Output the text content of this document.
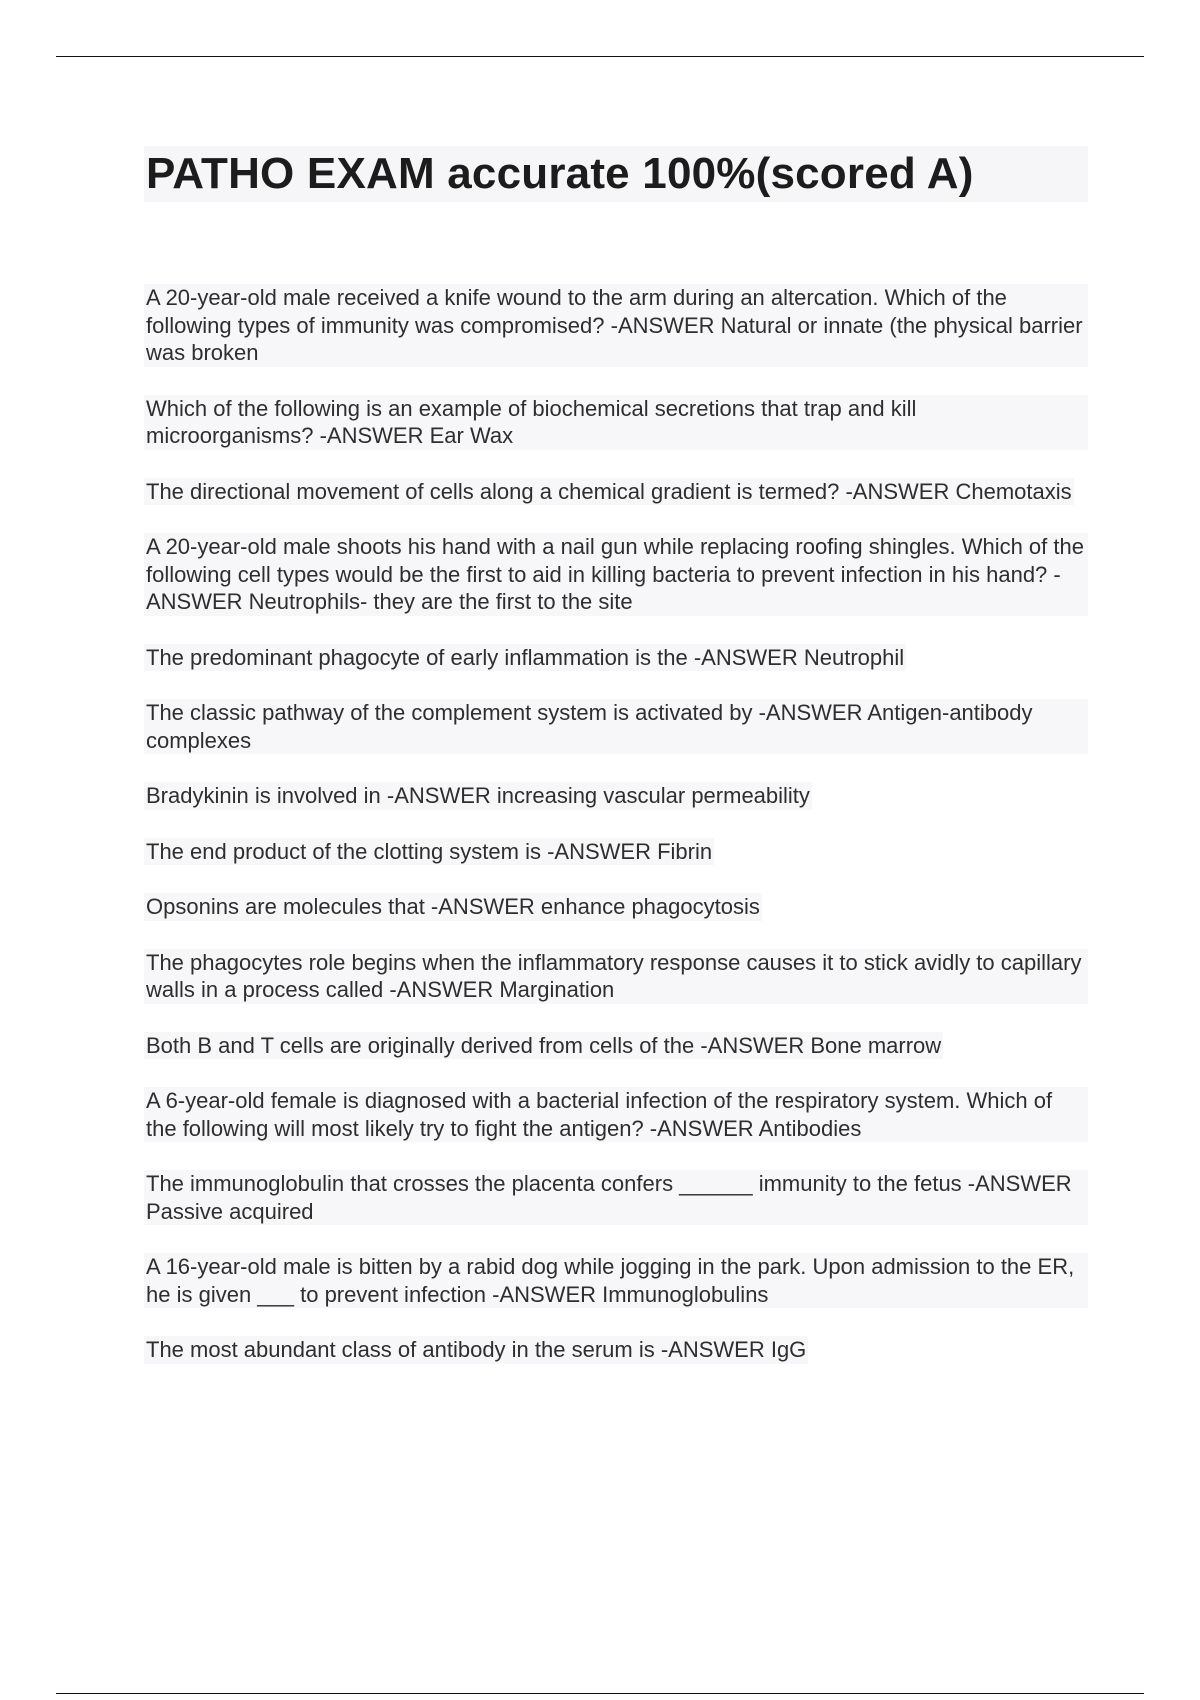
PATHO EXAM accurate 100%(scored A)

A 20-year-old male received a knife wound to the arm during an altercation. Which of the following types of immunity was compromised? -ANSWER Natural or innate (the physical barrier was broken

Which of the following is an example of biochemical secretions that trap and kill microorganisms? -ANSWER Ear Wax

The directional movement of cells along a chemical gradient is termed? -ANSWER Chemotaxis

A 20-year-old male shoots his hand with a nail gun while replacing roofing shingles. Which of the following cell types would be the first to aid in killing bacteria to prevent infection in his hand? -ANSWER Neutrophils- they are the first to the site

The predominant phagocyte of early inflammation is the -ANSWER Neutrophil

The classic pathway of the complement system is activated by -ANSWER Antigen-antibody complexes

Bradykinin is involved in -ANSWER increasing vascular permeability

The end product of the clotting system is -ANSWER Fibrin

Opsonins are molecules that -ANSWER enhance phagocytosis

The phagocytes role begins when the inflammatory response causes it to stick avidly to capillary walls in a process called -ANSWER Margination

Both B and T cells are originally derived from cells of the -ANSWER Bone marrow

A 6-year-old female is diagnosed with a bacterial infection of the respiratory system. Which of the following will most likely try to fight the antigen? -ANSWER Antibodies

The immunoglobulin that crosses the placenta confers ______ immunity to the fetus -ANSWER Passive acquired

A 16-year-old male is bitten by a rabid dog while jogging in the park. Upon admission to the ER, he is given ___ to prevent infection -ANSWER Immunoglobulins

The most abundant class of antibody in the serum is -ANSWER IgG
